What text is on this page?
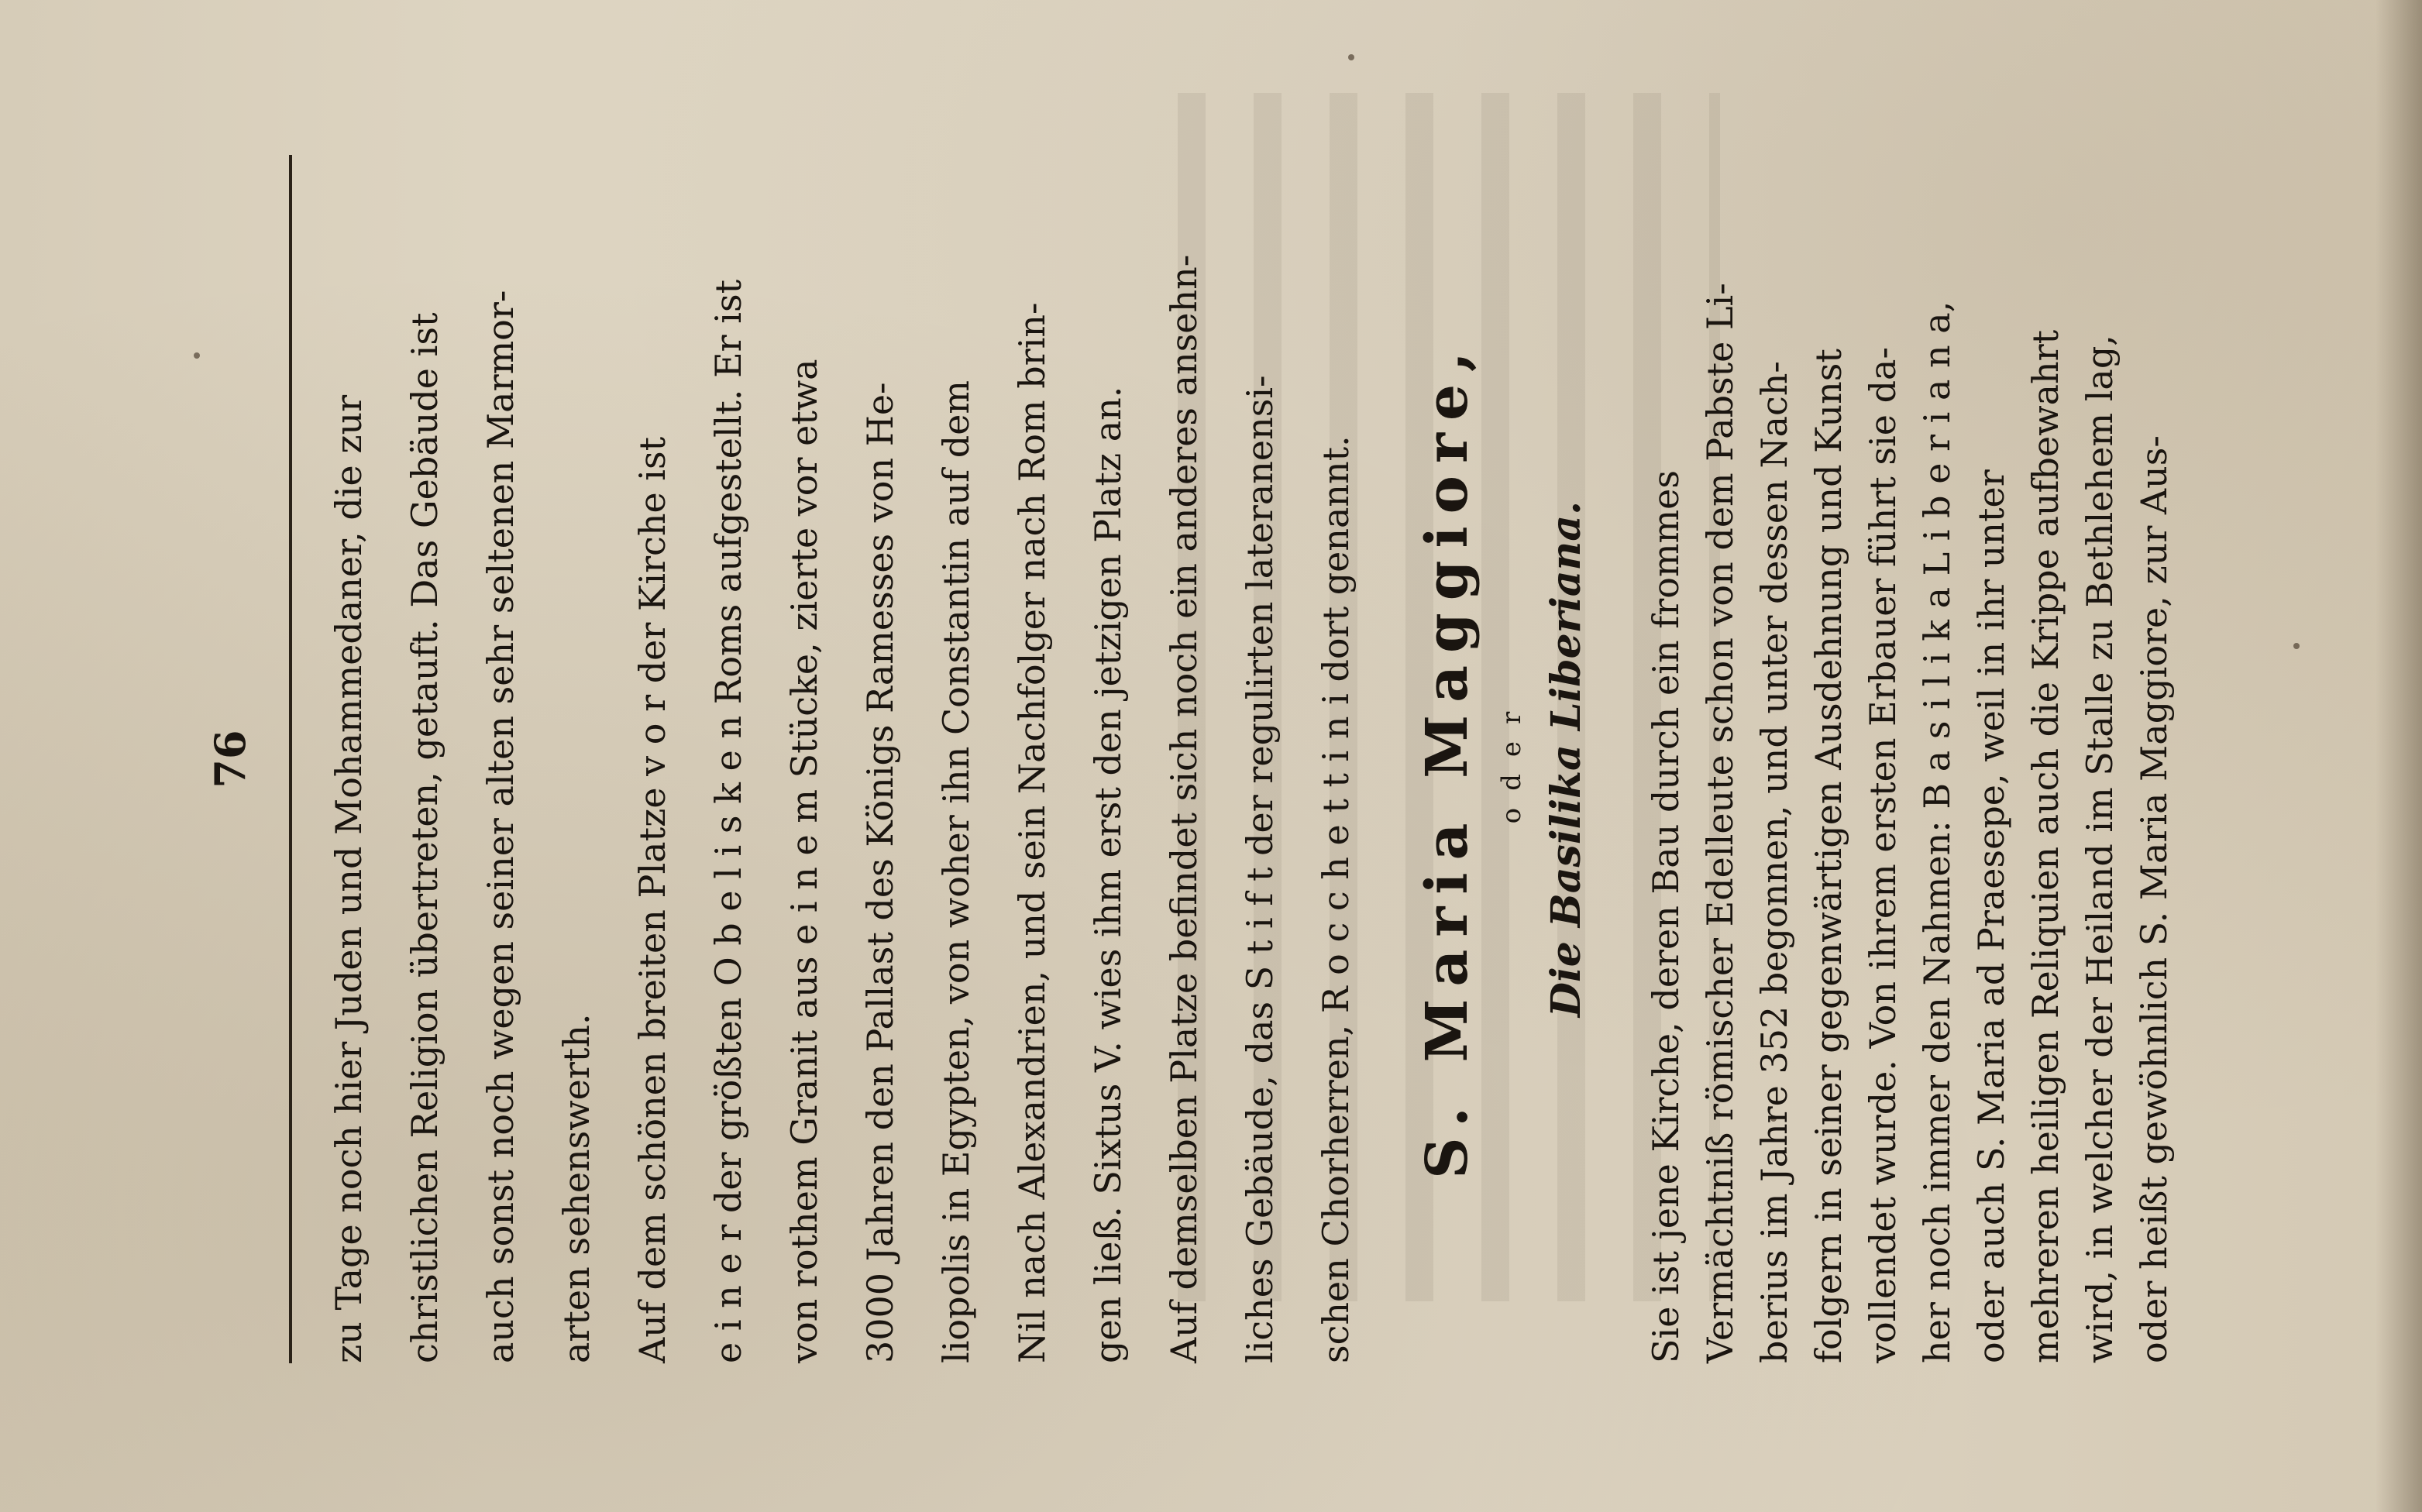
76 zu Tage noch hier Juden und Mohammedaner, die zur christlichen Religion übertreten, getauft. Das Gebäude ist auch sonst noch wegen seiner alten sehr seltenen Marmor- arten sehenswerth. Auf dem schönen breiten Platze v o r der Kirche ist e i n e r der größten O b e l i s k e n Roms aufgestellt. Er ist von rothem Granit aus e i n e m Stücke, zierte vor etwa 3000 Jahren den Pallast des Königs Ramesses von He- liopolis in Egypten, von woher ihn Constantin auf dem Nil nach Alexandrien, und sein Nachfolger nach Rom brin- gen ließ. Sixtus V. wies ihm erst den jetzigen Platz an. Auf demselben Platze befindet sich noch ein anderes ansehn- liches Gebäude, das S t i f t der regulirten lateranensi- schen Chorherren, R o c c h e t t i n i dort genannt. S. Maria Maggiore, oder Die Basilika Liberiana. Sie ist jene Kirche, deren Bau durch ein frommes Vermächtniß römischer Edelleute schon von dem Pabste Li- berius im Jahre 352 begonnen, und unter dessen Nach- folgern in seiner gegenwärtigen Ausdehnung und Kunst vollendet wurde. Von ihrem ersten Erbauer führt sie da- her noch immer den Nahmen: B a s i l i k a L i b e r i a n a, oder auch S. Maria ad Praesepe, weil in ihr unter mehreren heiligen Reliquien auch die Krippe aufbewahrt wird, in welcher der Heiland im Stalle zu Bethlehem lag, oder heißt gewöhnlich S. Maria Maggiore, zur Aus-
